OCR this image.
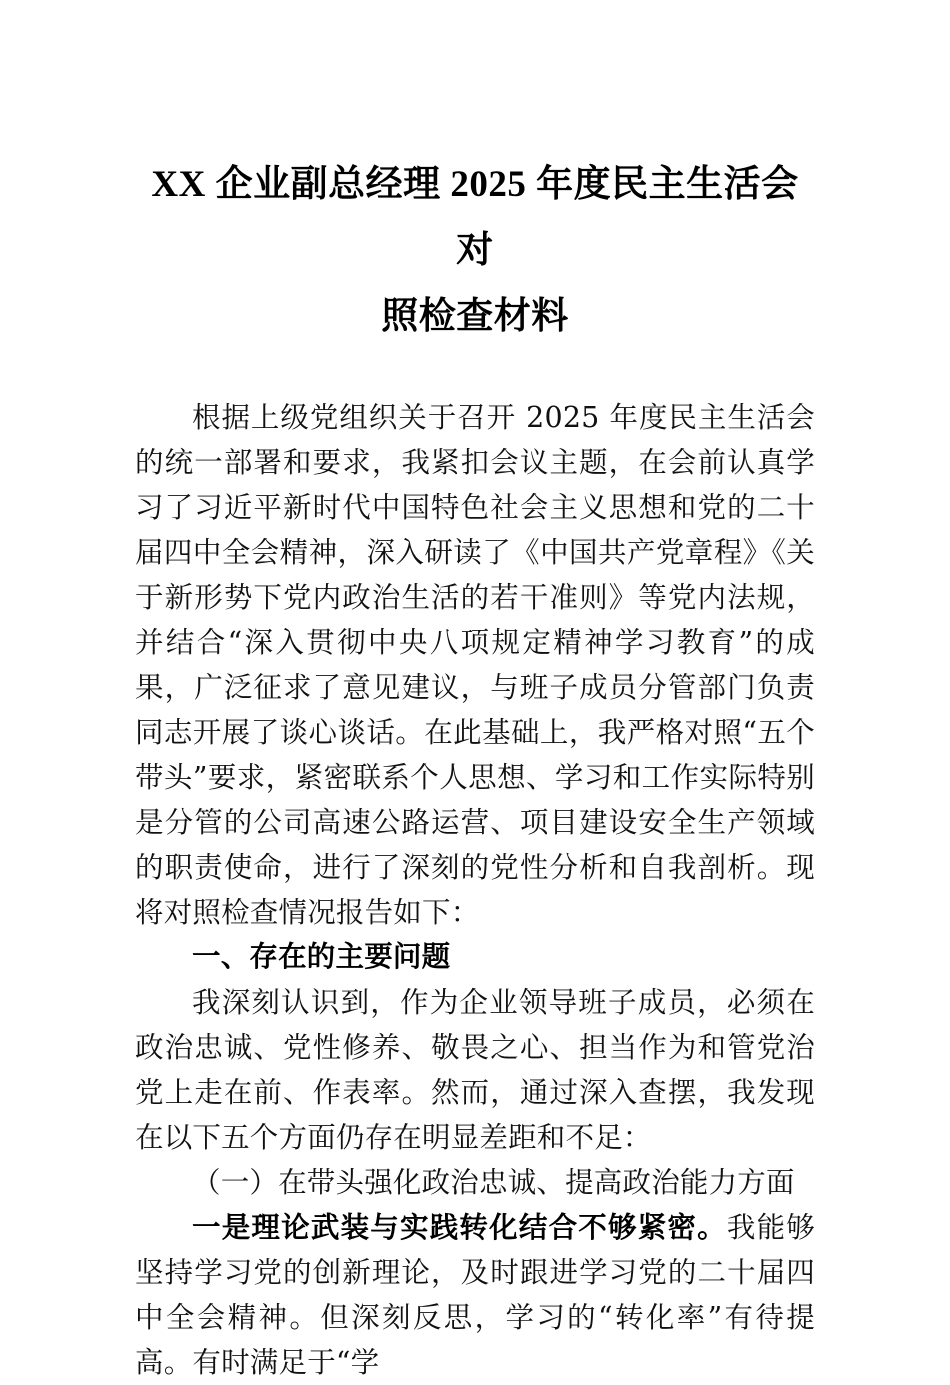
XX 企业副总经理 2025 年度民主生活会对
照检查材料

根据上级党组织关于召开 2025 年度民主生活会的统一部署和要求，我紧扣会议主题，在会前认真学习了习近平新时代中国特色社会主义思想和党的二十届四中全会精神，深入研读了《中国共产党章程》《关于新形势下党内政治生活的若干准则》等党内法规，并结合“深入贯彻中央八项规定精神学习教育”的成果，广泛征求了意见建议，与班子成员分管部门负责同志开展了谈心谈话。在此基础上，我严格对照“五个带头”要求，紧密联系个人思想、学习和工作实际特别是分管的公司高速公路运营、项目建设安全生产领域的职责使命，进行了深刻的党性分析和自我剖析。现将对照检查情况报告如下：

一、存在的主要问题

我深刻认识到，作为企业领导班子成员，必须在政治忠诚、党性修养、敬畏之心、担当作为和管党治党上走在前、作表率。然而，通过深入查摆，我发现在以下五个方面仍存在明显差距和不足：

（一）在带头强化政治忠诚、提高政治能力方面

一是理论武装与实践转化结合不够紧密。我能够坚持学习党的创新理论，及时跟进学习党的二十届四中全会精神。但深刻反思，学习的“转化率”有待提高。有时满足于“学
